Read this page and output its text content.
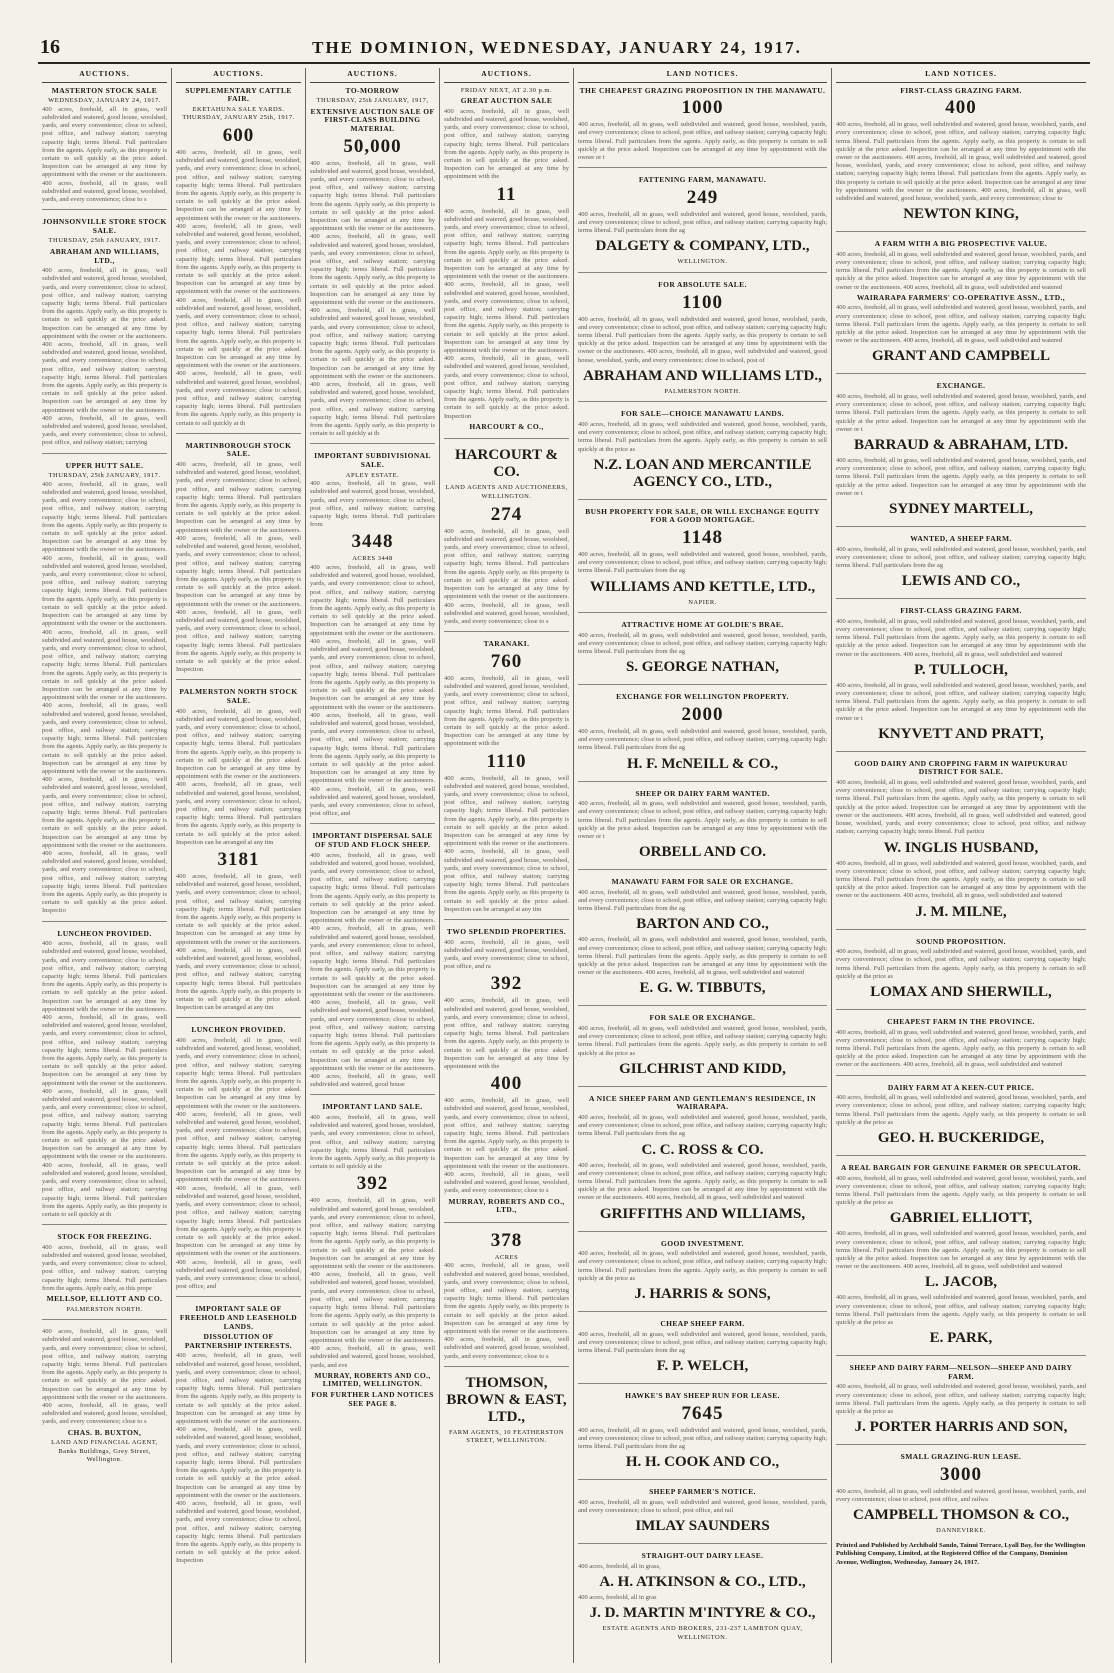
16	THE DOMINION, WEDNESDAY, JANUARY 24, 1917.
AUCTIONS.
MASTERTON STOCK SALE
WEDNESDAY, JANUARY 24, 1917.
400 acres, freehold, all in grass, well subdivided and watered, good house, woolshed, yards, and every convenience; close to school, post office, and railway station; carrying capacity high; terms liberal. Full particulars from the agents. Apply early, as this property is certain to sell quickly at the price asked. Inspection can be arranged at any time by appointment with the owner or the auctioneers. 400 acres, freehold, all in grass, well subdivided and watered, good house, woolshed, yards, and every convenience; close to s
JOHNSONVILLE STORE STOCK SALE.
THURSDAY, 25th JANUARY, 1917.
ABRAHAM AND WILLIAMS, LTD.,
400 acres, freehold, all in grass, well subdivided and watered, good house, woolshed, yards, and every convenience; close to school, post office, and railway station; carrying capacity high; terms liberal. Full particulars from the agents. Apply early, as this property is certain to sell quickly at the price asked. Inspection can be arranged at any time by appointment with the owner or the auctioneers. 400 acres, freehold, all in grass, well subdivided and watered, good house, woolshed, yards, and every convenience; close to school, post office, and railway station; carrying capacity high; terms liberal. Full particulars from the agents. Apply early, as this property is certain to sell quickly at the price asked. Inspection can be arranged at any time by appointment with the owner or the auctioneers. 400 acres, freehold, all in grass, well subdivided and watered, good house, woolshed, yards, and every convenience; close to school, post office, and railway station; carrying
UPPER HUTT SALE.
THURSDAY, 25th JANUARY, 1917.
400 acres, freehold, all in grass, well subdivided and watered, good house, woolshed, yards, and every convenience; close to school, post office, and railway station; carrying capacity high; terms liberal. Full particulars from the agents. Apply early, as this property is certain to sell quickly at the price asked. Inspection can be arranged at any time by appointment with the owner or the auctioneers. 400 acres, freehold, all in grass, well subdivided and watered, good house, woolshed, yards, and every convenience; close to school, post office, and railway station; carrying capacity high; terms liberal. Full particulars from the agents. Apply early, as this property is certain to sell quickly at the price asked. Inspection can be arranged at any time by appointment with the owner or the auctioneers. 400 acres, freehold, all in grass, well subdivided and watered, good house, woolshed, yards, and every convenience; close to school, post office, and railway station; carrying capacity high; terms liberal. Full particulars from the agents. Apply early, as this property is certain to sell quickly at the price asked. Inspection can be arranged at any time by appointment with the owner or the auctioneers. 400 acres, freehold, all in grass, well subdivided and watered, good house, woolshed, yards, and every convenience; close to school, post office, and railway station; carrying capacity high; terms liberal. Full particulars from the agents. Apply early, as this property is certain to sell quickly at the price asked. Inspection can be arranged at any time by appointment with the owner or the auctioneers. 400 acres, freehold, all in grass, well subdivided and watered, good house, woolshed, yards, and every convenience; close to school, post office, and railway station; carrying capacity high; terms liberal. Full particulars from the agents. Apply early, as this property is certain to sell quickly at the price asked. Inspection can be arranged at any time by appointment with the owner or the auctioneers. 400 acres, freehold, all in grass, well subdivided and watered, good house, woolshed, yards, and every convenience; close to school, post office, and railway station; carrying capacity high; terms liberal. Full particulars from the agents. Apply early, as this property is certain to sell quickly at the price asked. Inspectio
LUNCHEON PROVIDED.
400 acres, freehold, all in grass, well subdivided and watered, good house, woolshed, yards, and every convenience; close to school, post office, and railway station; carrying capacity high; terms liberal. Full particulars from the agents. Apply early, as this property is certain to sell quickly at the price asked. Inspection can be arranged at any time by appointment with the owner or the auctioneers. 400 acres, freehold, all in grass, well subdivided and watered, good house, woolshed, yards, and every convenience; close to school, post office, and railway station; carrying capacity high; terms liberal. Full particulars from the agents. Apply early, as this property is certain to sell quickly at the price asked. Inspection can be arranged at any time by appointment with the owner or the auctioneers. 400 acres, freehold, all in grass, well subdivided and watered, good house, woolshed, yards, and every convenience; close to school, post office, and railway station; carrying capacity high; terms liberal. Full particulars from the agents. Apply early, as this property is certain to sell quickly at the price asked. Inspection can be arranged at any time by appointment with the owner or the auctioneers. 400 acres, freehold, all in grass, well subdivided and watered, good house, woolshed, yards, and every convenience; close to school, post office, and railway station; carrying capacity high; terms liberal. Full particulars from the agents. Apply early, as this property is certain to sell quickly at th
STOCK FOR FREEZING.
400 acres, freehold, all in grass, well subdivided and watered, good house, woolshed, yards, and every convenience; close to school, post office, and railway station; carrying capacity high; terms liberal. Full particulars from the agents. Apply early, as this prope
MELLSOP, ELLIOTT AND CO.
PALMERSTON NORTH.
400 acres, freehold, all in grass, well subdivided and watered, good house, woolshed, yards, and every convenience; close to school, post office, and railway station; carrying capacity high; terms liberal. Full particulars from the agents. Apply early, as this property is certain to sell quickly at the price asked. Inspection can be arranged at any time by appointment with the owner or the auctioneers. 400 acres, freehold, all in grass, well subdivided and watered, good house, woolshed, yards, and every convenience; close to s
CHAS. B. BUXTON,
LAND AND FINANCIAL AGENT, Banks Buildings, Grey Street, Wellington.
AUCTIONS.
SUPPLEMENTARY CATTLE FAIR.
EKETAHUNA SALE YARDS.
THURSDAY, JANUARY 25th, 1917.
600
400 acres, freehold, all in grass, well subdivided and watered, good house, woolshed, yards, and every convenience; close to school, post office, and railway station; carrying capacity high; terms liberal. Full particulars from the agents. Apply early, as this property is certain to sell quickly at the price asked. Inspection can be arranged at any time by appointment with the owner or the auctioneers. 400 acres, freehold, all in grass, well subdivided and watered, good house, woolshed, yards, and every convenience; close to school, post office, and railway station; carrying capacity high; terms liberal. Full particulars from the agents. Apply early, as this property is certain to sell quickly at the price asked. Inspection can be arranged at any time by appointment with the owner or the auctioneers. 400 acres, freehold, all in grass, well subdivided and watered, good house, woolshed, yards, and every convenience; close to school, post office, and railway station; carrying capacity high; terms liberal. Full particulars from the agents. Apply early, as this property is certain to sell quickly at the price asked. Inspection can be arranged at any time by appointment with the owner or the auctioneers. 400 acres, freehold, all in grass, well subdivided and watered, good house, woolshed, yards, and every convenience; close to school, post office, and railway station; carrying capacity high; terms liberal. Full particulars from the agents. Apply early, as this property is certain to sell quickly at th
MARTINBOROUGH STOCK SALE.
400 acres, freehold, all in grass, well subdivided and watered, good house, woolshed, yards, and every convenience; close to school, post office, and railway station; carrying capacity high; terms liberal. Full particulars from the agents. Apply early, as this property is certain to sell quickly at the price asked. Inspection can be arranged at any time by appointment with the owner or the auctioneers. 400 acres, freehold, all in grass, well subdivided and watered, good house, woolshed, yards, and every convenience; close to school, post office, and railway station; carrying capacity high; terms liberal. Full particulars from the agents. Apply early, as this property is certain to sell quickly at the price asked. Inspection can be arranged at any time by appointment with the owner or the auctioneers. 400 acres, freehold, all in grass, well subdivided and watered, good house, woolshed, yards, and every convenience; close to school, post office, and railway station; carrying capacity high; terms liberal. Full particulars from the agents. Apply early, as this property is certain to sell quickly at the price asked. Inspection
PALMERSTON NORTH STOCK SALE.
400 acres, freehold, all in grass, well subdivided and watered, good house, woolshed, yards, and every convenience; close to school, post office, and railway station; carrying capacity high; terms liberal. Full particulars from the agents. Apply early, as this property is certain to sell quickly at the price asked. Inspection can be arranged at any time by appointment with the owner or the auctioneers. 400 acres, freehold, all in grass, well subdivided and watered, good house, woolshed, yards, and every convenience; close to school, post office, and railway station; carrying capacity high; terms liberal. Full particulars from the agents. Apply early, as this property is certain to sell quickly at the price asked. Inspection can be arranged at any tim
3181
400 acres, freehold, all in grass, well subdivided and watered, good house, woolshed, yards, and every convenience; close to school, post office, and railway station; carrying capacity high; terms liberal. Full particulars from the agents. Apply early, as this property is certain to sell quickly at the price asked. Inspection can be arranged at any time by appointment with the owner or the auctioneers. 400 acres, freehold, all in grass, well subdivided and watered, good house, woolshed, yards, and every convenience; close to school, post office, and railway station; carrying capacity high; terms liberal. Full particulars from the agents. Apply early, as this property is certain to sell quickly at the price asked. Inspection can be arranged at any tim
LUNCHEON PROVIDED.
400 acres, freehold, all in grass, well subdivided and watered, good house, woolshed, yards, and every convenience; close to school, post office, and railway station; carrying capacity high; terms liberal. Full particulars from the agents. Apply early, as this property is certain to sell quickly at the price asked. Inspection can be arranged at any time by appointment with the owner or the auctioneers. 400 acres, freehold, all in grass, well subdivided and watered, good house, woolshed, yards, and every convenience; close to school, post office, and railway station; carrying capacity high; terms liberal. Full particulars from the agents. Apply early, as this property is certain to sell quickly at the price asked. Inspection can be arranged at any time by appointment with the owner or the auctioneers. 400 acres, freehold, all in grass, well subdivided and watered, good house, woolshed, yards, and every convenience; close to school, post office, and railway station; carrying capacity high; terms liberal. Full particulars from the agents. Apply early, as this property is certain to sell quickly at the price asked. Inspection can be arranged at any time by appointment with the owner or the auctioneers. 400 acres, freehold, all in grass, well subdivided and watered, good house, woolshed, yards, and every convenience; close to school, post office, and
IMPORTANT SALE OF FREEHOLD AND LEASEHOLD LANDS.
DISSOLUTION OF PARTNERSHIP INTERESTS.
400 acres, freehold, all in grass, well subdivided and watered, good house, woolshed, yards, and every convenience; close to school, post office, and railway station; carrying capacity high; terms liberal. Full particulars from the agents. Apply early, as this property is certain to sell quickly at the price asked. Inspection can be arranged at any time by appointment with the owner or the auctioneers. 400 acres, freehold, all in grass, well subdivided and watered, good house, woolshed, yards, and every convenience; close to school, post office, and railway station; carrying capacity high; terms liberal. Full particulars from the agents. Apply early, as this property is certain to sell quickly at the price asked. Inspection can be arranged at any time by appointment with the owner or the auctioneers. 400 acres, freehold, all in grass, well subdivided and watered, good house, woolshed, yards, and every convenience; close to school, post office, and railway station; carrying capacity high; terms liberal. Full particulars from the agents. Apply early, as this property is certain to sell quickly at the price asked. Inspection
AUCTIONS.
TO-MORROW
THURSDAY, 25th JANUARY, 1917,
EXTENSIVE AUCTION SALE OF FIRST-CLASS BUILDING MATERIAL
50,000
400 acres, freehold, all in grass, well subdivided and watered, good house, woolshed, yards, and every convenience; close to school, post office, and railway station; carrying capacity high; terms liberal. Full particulars from the agents. Apply early, as this property is certain to sell quickly at the price asked. Inspection can be arranged at any time by appointment with the owner or the auctioneers. 400 acres, freehold, all in grass, well subdivided and watered, good house, woolshed, yards, and every convenience; close to school, post office, and railway station; carrying capacity high; terms liberal. Full particulars from the agents. Apply early, as this property is certain to sell quickly at the price asked. Inspection can be arranged at any time by appointment with the owner or the auctioneers. 400 acres, freehold, all in grass, well subdivided and watered, good house, woolshed, yards, and every convenience; close to school, post office, and railway station; carrying capacity high; terms liberal. Full particulars from the agents. Apply early, as this property is certain to sell quickly at the price asked. Inspection can be arranged at any time by appointment with the owner or the auctioneers. 400 acres, freehold, all in grass, well subdivided and watered, good house, woolshed, yards, and every convenience; close to school, post office, and railway station; carrying capacity high; terms liberal. Full particulars from the agents. Apply early, as this property is certain to sell quickly at th
IMPORTANT SUBDIVISIONAL SALE.
APLEY ESTATE.
400 acres, freehold, all in grass, well subdivided and watered, good house, woolshed, yards, and every convenience; close to school, post office, and railway station; carrying capacity high; terms liberal. Full particulars from
3448
ACRES 3448
400 acres, freehold, all in grass, well subdivided and watered, good house, woolshed, yards, and every convenience; close to school, post office, and railway station; carrying capacity high; terms liberal. Full particulars from the agents. Apply early, as this property is certain to sell quickly at the price asked. Inspection can be arranged at any time by appointment with the owner or the auctioneers. 400 acres, freehold, all in grass, well subdivided and watered, good house, woolshed, yards, and every convenience; close to school, post office, and railway station; carrying capacity high; terms liberal. Full particulars from the agents. Apply early, as this property is certain to sell quickly at the price asked. Inspection can be arranged at any time by appointment with the owner or the auctioneers. 400 acres, freehold, all in grass, well subdivided and watered, good house, woolshed, yards, and every convenience; close to school, post office, and railway station; carrying capacity high; terms liberal. Full particulars from the agents. Apply early, as this property is certain to sell quickly at the price asked. Inspection can be arranged at any time by appointment with the owner or the auctioneers. 400 acres, freehold, all in grass, well subdivided and watered, good house, woolshed, yards, and every convenience; close to school, post office, and
IMPORTANT DISPERSAL SALE OF STUD AND FLOCK SHEEP.
400 acres, freehold, all in grass, well subdivided and watered, good house, woolshed, yards, and every convenience; close to school, post office, and railway station; carrying capacity high; terms liberal. Full particulars from the agents. Apply early, as this property is certain to sell quickly at the price asked. Inspection can be arranged at any time by appointment with the owner or the auctioneers. 400 acres, freehold, all in grass, well subdivided and watered, good house, woolshed, yards, and every convenience; close to school, post office, and railway station; carrying capacity high; terms liberal. Full particulars from the agents. Apply early, as this property is certain to sell quickly at the price asked. Inspection can be arranged at any time by appointment with the owner or the auctioneers. 400 acres, freehold, all in grass, well subdivided and watered, good house, woolshed, yards, and every convenience; close to school, post office, and railway station; carrying capacity high; terms liberal. Full particulars from the agents. Apply early, as this property is certain to sell quickly at the price asked. Inspection can be arranged at any time by appointment with the owner or the auctioneers. 400 acres, freehold, all in grass, well subdivided and watered, good house
IMPORTANT LAND SALE.
400 acres, freehold, all in grass, well subdivided and watered, good house, woolshed, yards, and every convenience; close to school, post office, and railway station; carrying capacity high; terms liberal. Full particulars from the agents. Apply early, as this property is certain to sell quickly at the
392
400 acres, freehold, all in grass, well subdivided and watered, good house, woolshed, yards, and every convenience; close to school, post office, and railway station; carrying capacity high; terms liberal. Full particulars from the agents. Apply early, as this property is certain to sell quickly at the price asked. Inspection can be arranged at any time by appointment with the owner or the auctioneers. 400 acres, freehold, all in grass, well subdivided and watered, good house, woolshed, yards, and every convenience; close to school, post office, and railway station; carrying capacity high; terms liberal. Full particulars from the agents. Apply early, as this property is certain to sell quickly at the price asked. Inspection can be arranged at any time by appointment with the owner or the auctioneers. 400 acres, freehold, all in grass, well subdivided and watered, good house, woolshed, yards, and eve
MURRAY, ROBERTS AND CO., LIMITED, WELLINGTON.
FOR FURTHER LAND NOTICES SEE PAGE 8.
AUCTIONS.
FRIDAY NEXT, AT 2.30 p.m.
GREAT AUCTION SALE
400 acres, freehold, all in grass, well subdivided and watered, good house, woolshed, yards, and every convenience; close to school, post office, and railway station; carrying capacity high; terms liberal. Full particulars from the agents. Apply early, as this property is certain to sell quickly at the price asked. Inspection can be arranged at any time by appointment with the
11
400 acres, freehold, all in grass, well subdivided and watered, good house, woolshed, yards, and every convenience; close to school, post office, and railway station; carrying capacity high; terms liberal. Full particulars from the agents. Apply early, as this property is certain to sell quickly at the price asked. Inspection can be arranged at any time by appointment with the owner or the auctioneers. 400 acres, freehold, all in grass, well subdivided and watered, good house, woolshed, yards, and every convenience; close to school, post office, and railway station; carrying capacity high; terms liberal. Full particulars from the agents. Apply early, as this property is certain to sell quickly at the price asked. Inspection can be arranged at any time by appointment with the owner or the auctioneers. 400 acres, freehold, all in grass, well subdivided and watered, good house, woolshed, yards, and every convenience; close to school, post office, and railway station; carrying capacity high; terms liberal. Full particulars from the agents. Apply early, as this property is certain to sell quickly at the price asked. Inspection
HARCOURT & CO.,
HARCOURT & CO.
LAND AGENTS AND AUCTIONEERS, WELLINGTON.
274
400 acres, freehold, all in grass, well subdivided and watered, good house, woolshed, yards, and every convenience; close to school, post office, and railway station; carrying capacity high; terms liberal. Full particulars from the agents. Apply early, as this property is certain to sell quickly at the price asked. Inspection can be arranged at any time by appointment with the owner or the auctioneers. 400 acres, freehold, all in grass, well subdivided and watered, good house, woolshed, yards, and every convenience; close to s
TARANAKI.
760
400 acres, freehold, all in grass, well subdivided and watered, good house, woolshed, yards, and every convenience; close to school, post office, and railway station; carrying capacity high; terms liberal. Full particulars from the agents. Apply early, as this property is certain to sell quickly at the price asked. Inspection can be arranged at any time by appointment with the
1110
400 acres, freehold, all in grass, well subdivided and watered, good house, woolshed, yards, and every convenience; close to school, post office, and railway station; carrying capacity high; terms liberal. Full particulars from the agents. Apply early, as this property is certain to sell quickly at the price asked. Inspection can be arranged at any time by appointment with the owner or the auctioneers. 400 acres, freehold, all in grass, well subdivided and watered, good house, woolshed, yards, and every convenience; close to school, post office, and railway station; carrying capacity high; terms liberal. Full particulars from the agents. Apply early, as this property is certain to sell quickly at the price asked. Inspection can be arranged at any tim
TWO SPLENDID PROPERTIES.
400 acres, freehold, all in grass, well subdivided and watered, good house, woolshed, yards, and every convenience; close to school, post office, and ra
392
400 acres, freehold, all in grass, well subdivided and watered, good house, woolshed, yards, and every convenience; close to school, post office, and railway station; carrying capacity high; terms liberal. Full particulars from the agents. Apply early, as this property is certain to sell quickly at the price asked. Inspection can be arranged at any time by appointment with the
400
400 acres, freehold, all in grass, well subdivided and watered, good house, woolshed, yards, and every convenience; close to school, post office, and railway station; carrying capacity high; terms liberal. Full particulars from the agents. Apply early, as this property is certain to sell quickly at the price asked. Inspection can be arranged at any time by appointment with the owner or the auctioneers. 400 acres, freehold, all in grass, well subdivided and watered, good house, woolshed, yards, and every convenience; close to s
MURRAY, ROBERTS AND CO., LTD.,
378
ACRES
400 acres, freehold, all in grass, well subdivided and watered, good house, woolshed, yards, and every convenience; close to school, post office, and railway station; carrying capacity high; terms liberal. Full particulars from the agents. Apply early, as this property is certain to sell quickly at the price asked. Inspection can be arranged at any time by appointment with the owner or the auctioneers. 400 acres, freehold, all in grass, well subdivided and watered, good house, woolshed, yards, and every convenience; close to s
THOMSON, BROWN & EAST, LTD.,
FARM AGENTS, 10 FEATHERSTON STREET, WELLINGTON.
LAND NOTICES.
THE CHEAPEST GRAZING PROPOSITION IN THE MANAWATU.
1000
400 acres, freehold, all in grass, well subdivided and watered, good house, woolshed, yards, and every convenience; close to school, post office, and railway station; carrying capacity high; terms liberal. Full particulars from the agents. Apply early, as this property is certain to sell quickly at the price asked. Inspection can be arranged at any time by appointment with the owner or t
FATTENING FARM, MANAWATU.
249
400 acres, freehold, all in grass, well subdivided and watered, good house, woolshed, yards, and every convenience; close to school, post office, and railway station; carrying capacity high; terms liberal. Full particulars from the ag
DALGETY & COMPANY, LTD.,
WELLINGTON.
FOR ABSOLUTE SALE.
1100
400 acres, freehold, all in grass, well subdivided and watered, good house, woolshed, yards, and every convenience; close to school, post office, and railway station; carrying capacity high; terms liberal. Full particulars from the agents. Apply early, as this property is certain to sell quickly at the price asked. Inspection can be arranged at any time by appointment with the owner or the auctioneers. 400 acres, freehold, all in grass, well subdivided and watered, good house, woolshed, yards, and every convenience; close to school, post of
ABRAHAM AND WILLIAMS LTD.,
PALMERSTON NORTH.
FOR SALE—CHOICE MANAWATU LANDS.
400 acres, freehold, all in grass, well subdivided and watered, good house, woolshed, yards, and every convenience; close to school, post office, and railway station; carrying capacity high; terms liberal. Full particulars from the agents. Apply early, as this property is certain to sell quickly at the price as
N.Z. LOAN AND MERCANTILE AGENCY CO., LTD.,
BUSH PROPERTY FOR SALE, OR WILL EXCHANGE EQUITY FOR A GOOD MORTGAGE.
1148
400 acres, freehold, all in grass, well subdivided and watered, good house, woolshed, yards, and every convenience; close to school, post office, and railway station; carrying capacity high; terms liberal. Full particulars from the ag
WILLIAMS AND KETTLE, LTD.,
NAPIER.
ATTRACTIVE HOME AT GOLDIE'S BRAE.
400 acres, freehold, all in grass, well subdivided and watered, good house, woolshed, yards, and every convenience; close to school, post office, and railway station; carrying capacity high; terms liberal. Full particulars from the ag
S. GEORGE NATHAN,
EXCHANGE FOR WELLINGTON PROPERTY.
2000
400 acres, freehold, all in grass, well subdivided and watered, good house, woolshed, yards, and every convenience; close to school, post office, and railway station; carrying capacity high; terms liberal. Full particulars from the ag
H. F. McNEILL & CO.,
SHEEP OR DAIRY FARM WANTED.
400 acres, freehold, all in grass, well subdivided and watered, good house, woolshed, yards, and every convenience; close to school, post office, and railway station; carrying capacity high; terms liberal. Full particulars from the agents. Apply early, as this property is certain to sell quickly at the price asked. Inspection can be arranged at any time by appointment with the owner or t
ORBELL AND CO.
MANAWATU FARM FOR SALE OR EXCHANGE.
400 acres, freehold, all in grass, well subdivided and watered, good house, woolshed, yards, and every convenience; close to school, post office, and railway station; carrying capacity high; terms liberal. Full particulars from the ag
BARTON AND CO.,
400 acres, freehold, all in grass, well subdivided and watered, good house, woolshed, yards, and every convenience; close to school, post office, and railway station; carrying capacity high; terms liberal. Full particulars from the agents. Apply early, as this property is certain to sell quickly at the price asked. Inspection can be arranged at any time by appointment with the owner or the auctioneers. 400 acres, freehold, all in grass, well subdivided and watered
E. G. W. TIBBUTS,
FOR SALE OR EXCHANGE.
400 acres, freehold, all in grass, well subdivided and watered, good house, woolshed, yards, and every convenience; close to school, post office, and railway station; carrying capacity high; terms liberal. Full particulars from the agents. Apply early, as this property is certain to sell quickly at the price as
GILCHRIST AND KIDD,
A NICE SHEEP FARM AND GENTLEMAN'S RESIDENCE, IN WAIRARAPA.
400 acres, freehold, all in grass, well subdivided and watered, good house, woolshed, yards, and every convenience; close to school, post office, and railway station; carrying capacity high; terms liberal. Full particulars from the ag
C. C. ROSS & CO.
400 acres, freehold, all in grass, well subdivided and watered, good house, woolshed, yards, and every convenience; close to school, post office, and railway station; carrying capacity high; terms liberal. Full particulars from the agents. Apply early, as this property is certain to sell quickly at the price asked. Inspection can be arranged at any time by appointment with the owner or the auctioneers. 400 acres, freehold, all in grass, well subdivided and watered
GRIFFITHS AND WILLIAMS,
GOOD INVESTMENT.
400 acres, freehold, all in grass, well subdivided and watered, good house, woolshed, yards, and every convenience; close to school, post office, and railway station; carrying capacity high; terms liberal. Full particulars from the agents. Apply early, as this property is certain to sell quickly at the price as
J. HARRIS & SONS,
CHEAP SHEEP FARM.
400 acres, freehold, all in grass, well subdivided and watered, good house, woolshed, yards, and every convenience; close to school, post office, and railway station; carrying capacity high; terms liberal. Full particulars from the ag
F. P. WELCH,
HAWKE'S BAY SHEEP RUN FOR LEASE.
7645
400 acres, freehold, all in grass, well subdivided and watered, good house, woolshed, yards, and every convenience; close to school, post office, and railway station; carrying capacity high; terms liberal. Full particulars from the ag
H. H. COOK AND CO.,
SHEEP FARMER'S NOTICE.
400 acres, freehold, all in grass, well subdivided and watered, good house, woolshed, yards, and every convenience; close to school, post office, and rail
IMLAY SAUNDERS
STRAIGHT-OUT DAIRY LEASE.
400 acres, freehold, all in grass,
A. H. ATKINSON & CO., LTD.,
400 acres, freehold, all in gras
J. D. MARTIN M'INTYRE & CO.,
ESTATE AGENTS AND BROKERS, 231-237 LAMBTON QUAY, WELLINGTON.
LAND NOTICES.
FIRST-CLASS GRAZING FARM.
400
400 acres, freehold, all in grass, well subdivided and watered, good house, woolshed, yards, and every convenience; close to school, post office, and railway station; carrying capacity high; terms liberal. Full particulars from the agents. Apply early, as this property is certain to sell quickly at the price asked. Inspection can be arranged at any time by appointment with the owner or the auctioneers. 400 acres, freehold, all in grass, well subdivided and watered, good house, woolshed, yards, and every convenience; close to school, post office, and railway station; carrying capacity high; terms liberal. Full particulars from the agents. Apply early, as this property is certain to sell quickly at the price asked. Inspection can be arranged at any time by appointment with the owner or the auctioneers. 400 acres, freehold, all in grass, well subdivided and watered, good house, woolshed, yards, and every convenience; close to
NEWTON KING,
A FARM WITH A BIG PROSPECTIVE VALUE.
400 acres, freehold, all in grass, well subdivided and watered, good house, woolshed, yards, and every convenience; close to school, post office, and railway station; carrying capacity high; terms liberal. Full particulars from the agents. Apply early, as this property is certain to sell quickly at the price asked. Inspection can be arranged at any time by appointment with the owner or the auctioneers. 400 acres, freehold, all in grass, well subdivided and watered
WAIRARAPA FARMERS' CO-OPERATIVE ASSN., LTD.,
400 acres, freehold, all in grass, well subdivided and watered, good house, woolshed, yards, and every convenience; close to school, post office, and railway station; carrying capacity high; terms liberal. Full particulars from the agents. Apply early, as this property is certain to sell quickly at the price asked. Inspection can be arranged at any time by appointment with the owner or the auctioneers. 400 acres, freehold, all in grass, well subdivided and watered
GRANT AND CAMPBELL
EXCHANGE.
400 acres, freehold, all in grass, well subdivided and watered, good house, woolshed, yards, and every convenience; close to school, post office, and railway station; carrying capacity high; terms liberal. Full particulars from the agents. Apply early, as this property is certain to sell quickly at the price asked. Inspection can be arranged at any time by appointment with the owner or t
BARRAUD & ABRAHAM, LTD.
400 acres, freehold, all in grass, well subdivided and watered, good house, woolshed, yards, and every convenience; close to school, post office, and railway station; carrying capacity high; terms liberal. Full particulars from the agents. Apply early, as this property is certain to sell quickly at the price asked. Inspection can be arranged at any time by appointment with the owner or t
SYDNEY MARTELL,
WANTED, A SHEEP FARM.
400 acres, freehold, all in grass, well subdivided and watered, good house, woolshed, yards, and every convenience; close to school, post office, and railway station; carrying capacity high; terms liberal. Full particulars from the ag
LEWIS AND CO.,
FIRST-CLASS GRAZING FARM.
400 acres, freehold, all in grass, well subdivided and watered, good house, woolshed, yards, and every convenience; close to school, post office, and railway station; carrying capacity high; terms liberal. Full particulars from the agents. Apply early, as this property is certain to sell quickly at the price asked. Inspection can be arranged at any time by appointment with the owner or the auctioneers. 400 acres, freehold, all in grass, well subdivided and watered
P. TULLOCH,
400 acres, freehold, all in grass, well subdivided and watered, good house, woolshed, yards, and every convenience; close to school, post office, and railway station; carrying capacity high; terms liberal. Full particulars from the agents. Apply early, as this property is certain to sell quickly at the price asked. Inspection can be arranged at any time by appointment with the owner or t
KNYVETT AND PRATT,
GOOD DAIRY AND CROPPING FARM IN WAIPUKURAU DISTRICT FOR SALE.
400 acres, freehold, all in grass, well subdivided and watered, good house, woolshed, yards, and every convenience; close to school, post office, and railway station; carrying capacity high; terms liberal. Full particulars from the agents. Apply early, as this property is certain to sell quickly at the price asked. Inspection can be arranged at any time by appointment with the owner or the auctioneers. 400 acres, freehold, all in grass, well subdivided and watered, good house, woolshed, yards, and every convenience; close to school, post office, and railway station; carrying capacity high; terms liberal. Full particu
W. INGLIS HUSBAND,
400 acres, freehold, all in grass, well subdivided and watered, good house, woolshed, yards, and every convenience; close to school, post office, and railway station; carrying capacity high; terms liberal. Full particulars from the agents. Apply early, as this property is certain to sell quickly at the price asked. Inspection can be arranged at any time by appointment with the owner or the auctioneers. 400 acres, freehold, all in grass, well subdivided and watered
J. M. MILNE,
SOUND PROPOSITION.
400 acres, freehold, all in grass, well subdivided and watered, good house, woolshed, yards, and every convenience; close to school, post office, and railway station; carrying capacity high; terms liberal. Full particulars from the agents. Apply early, as this property is certain to sell quickly at the price as
LOMAX AND SHERWILL,
CHEAPEST FARM IN THE PROVINCE.
400 acres, freehold, all in grass, well subdivided and watered, good house, woolshed, yards, and every convenience; close to school, post office, and railway station; carrying capacity high; terms liberal. Full particulars from the agents. Apply early, as this property is certain to sell quickly at the price asked. Inspection can be arranged at any time by appointment with the owner or the auctioneers. 400 acres, freehold, all in grass, well subdivided and watered
DAIRY FARM AT A KEEN-CUT PRICE.
400 acres, freehold, all in grass, well subdivided and watered, good house, woolshed, yards, and every convenience; close to school, post office, and railway station; carrying capacity high; terms liberal. Full particulars from the agents. Apply early, as this property is certain to sell quickly at the price as
GEO. H. BUCKERIDGE,
A REAL BARGAIN FOR GENUINE FARMER OR SPECULATOR.
400 acres, freehold, all in grass, well subdivided and watered, good house, woolshed, yards, and every convenience; close to school, post office, and railway station; carrying capacity high; terms liberal. Full particulars from the agents. Apply early, as this property is certain to sell quickly at the price as
GABRIEL ELLIOTT,
400 acres, freehold, all in grass, well subdivided and watered, good house, woolshed, yards, and every convenience; close to school, post office, and railway station; carrying capacity high; terms liberal. Full particulars from the agents. Apply early, as this property is certain to sell quickly at the price asked. Inspection can be arranged at any time by appointment with the owner or the auctioneers. 400 acres, freehold, all in grass, well subdivided and watered
L. JACOB,
400 acres, freehold, all in grass, well subdivided and watered, good house, woolshed, yards, and every convenience; close to school, post office, and railway station; carrying capacity high; terms liberal. Full particulars from the agents. Apply early, as this property is certain to sell quickly at the price as
E. PARK,
SHEEP AND DAIRY FARM—NELSON—SHEEP AND DAIRY FARM.
400 acres, freehold, all in grass, well subdivided and watered, good house, woolshed, yards, and every convenience; close to school, post office, and railway station; carrying capacity high; terms liberal. Full particulars from the agents. Apply early, as this property is certain to sell quickly at the price as
J. PORTER HARRIS AND SON,
SMALL GRAZING-RUN LEASE.
3000
400 acres, freehold, all in grass, well subdivided and watered, good house, woolshed, yards, and every convenience; close to school, post office, and railwa
CAMPBELL THOMSON & CO.,
DANNEVIRKE.
Printed and Published by Archibald Sando, Tainui Terrace, Lyall Bay, for the Wellington Publishing Company, Limited, at the Registered Office of the Company, Dominion Avenue, Wellington, Wednesday, January 24, 1917.
